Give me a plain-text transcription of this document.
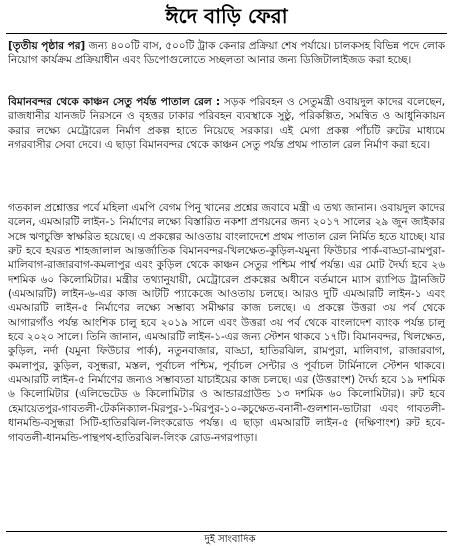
ঈদে বাড়ি ফেরা
[তৃতীয় পৃষ্ঠার পর] জন্য ৪০০টি বাস, ৫০০টি ট্রাক কেনার প্রক্রিয়া শেষ পর্যায়ে। চালকসহ বিভিন্ন পদে লোক নিয়োগ কার্যক্রম প্রক্রিয়াধীন এবং ডিপোগুলোতে সচ্ছলতা আনার জন্য ডিজিটালাইজড করা হচ্ছে।
বিমানবন্দর থেকে কাঞ্চন সেতু পর্যন্ত পাতাল রেল : সড়ক পরিবহন ও সেতুমন্ত্রী ওবায়দুল কাদের বলেছেন, রাজধানীর যানজট নিরসনে ও বৃহত্তর ঢাকার পরিবহন ব্যবস্থাকে সুষ্ঠু, পরিকল্পিত, সমন্বিত ও আধুনিকায়ন করার লক্ষ্যে মেট্রোরেল নির্মাণ প্রকল্প হাতে নিয়েছে সরকার। এই মেগা প্রকল্প পাঁচটি রুটের মাধ্যমে নগরবাসীর সেবা দেবে। এ ছাড়া বিমানবন্দর থেকে কাঞ্চন সেতু পর্যন্ত প্রথম পাতাল রেল নির্মাণ করা হবে।
গতকাল প্রশ্নোত্তর পর্বে মহিলা এমপি বেগম পিনু খানের প্রশ্নের জবাবে মন্ত্রী এ তথ্য জানান। ওবায়দুল কাদের বলেন, এমআরটি লাইন-১ নির্মাণের লক্ষ্যে বিস্তারিত নকশা প্রণয়নের জন্য ২০১৭ সালের ২৯ জুন জাইকার সঙ্গে ঋণচুক্তি স্বাক্ষরিত হয়েছে। এ প্রকল্পের আওতায় বাংলাদেশে প্রথম পাতাল রেল নির্মিত হতে যাচ্ছে। যার রুট হবে হযরত শাহজালাল আন্তর্জাতিক বিমানবন্দর-খিলক্ষেত-কুড়িল-যমুনা ফিউচার পার্ক-বাড্ডা-রামপুরা-মালিবাগ-রাজারবাগ-কমলাপুর এবং কুড়িল থেকে কাঞ্চন সেতুর পশ্চিম পার্শ্ব পর্যন্ত। এর মোট দৈর্ঘ্য হবে ২৬ দশমিক ৬০ কিলোমিটার। মন্ত্রীর তথ্যানুযায়ী, মেট্রোরেল প্রকল্পের অধীনে বর্তমানে ম্যাস র‍্যাপিড ট্রানজিট (এমআরটি) লাইন-৬-এর কাজ আটটি প্যাকেজে আওতায় চলছে। আরও দুটি এমআরটি লাইন-১ এবং এমআরটি লাইন-৫ নির্মাণের লক্ষ্যে সম্ভাব্য সমীক্ষার কাজ চলছে। এ প্রকল্পে উত্তরা ৩য় পর্ব থেকে আগারগাঁও পর্যন্ত আংশিক চালু হবে ২০১৯ সালে এবং উত্তরা ৩য় পর্ব থেকে বাংলাদেশ ব্যাংক পর্যন্ত চালু হবে ২০২০ সালে। তিনি জানান, এমআরটি লাইন-১-এর জন্য স্টেশন থাকবে ১৭টি। বিমানবন্দর, খিলক্ষেত, কুড়িল, নর্দা (যমুনা ফিউচার পার্ক), নতুনবাজার, বাড্ডা, হাতিরঝিল, রামপুরা, মালিবাগ, রাজারবাগ, কমলাপুর, কুড়িল, বসুন্ধরা, মস্তল, পূর্বাচল পশ্চিম, পূর্বাচল সেন্টার ও পূর্বাচল টার্মিনালে স্টেশন থাকবে। এমআরটি লাইন-৫ নির্মাণের জন্যও সম্ভাব্যতা যাচাইয়ের কাজ চলছে। এর (উত্তরাংশ) দৈর্ঘ্য হবে ১৯ দশমিক ৬ কিলোমিটার (এলিভেটেড ৬ কিলোমিটার ও আন্ডারগ্রাউন্ড ১৩ দশমিক ৬০ কিলোমিটার)। রুট হবে হেমায়েতপুর-গাবতলী-টেকনিক্যাল-মিরপুর-১-মিরপুর-১০-কচুক্ষেত-বনানী-গুলশান-ভাটারা এবং গাবতলী-ধানমন্ডি-বসুন্ধরা সিটি-হাতিরঝিল-লিংকরোড পর্যন্ত। এ ছাড়া এমআরটি লাইন-৫ (দক্ষিণাংশ) রুট হবে-গাবতলী-ধানমন্ডি-পান্থপথ-হাতিরঝিল-লিংক রোড-নগরপাড়া।
দুই সাংবাদিক
